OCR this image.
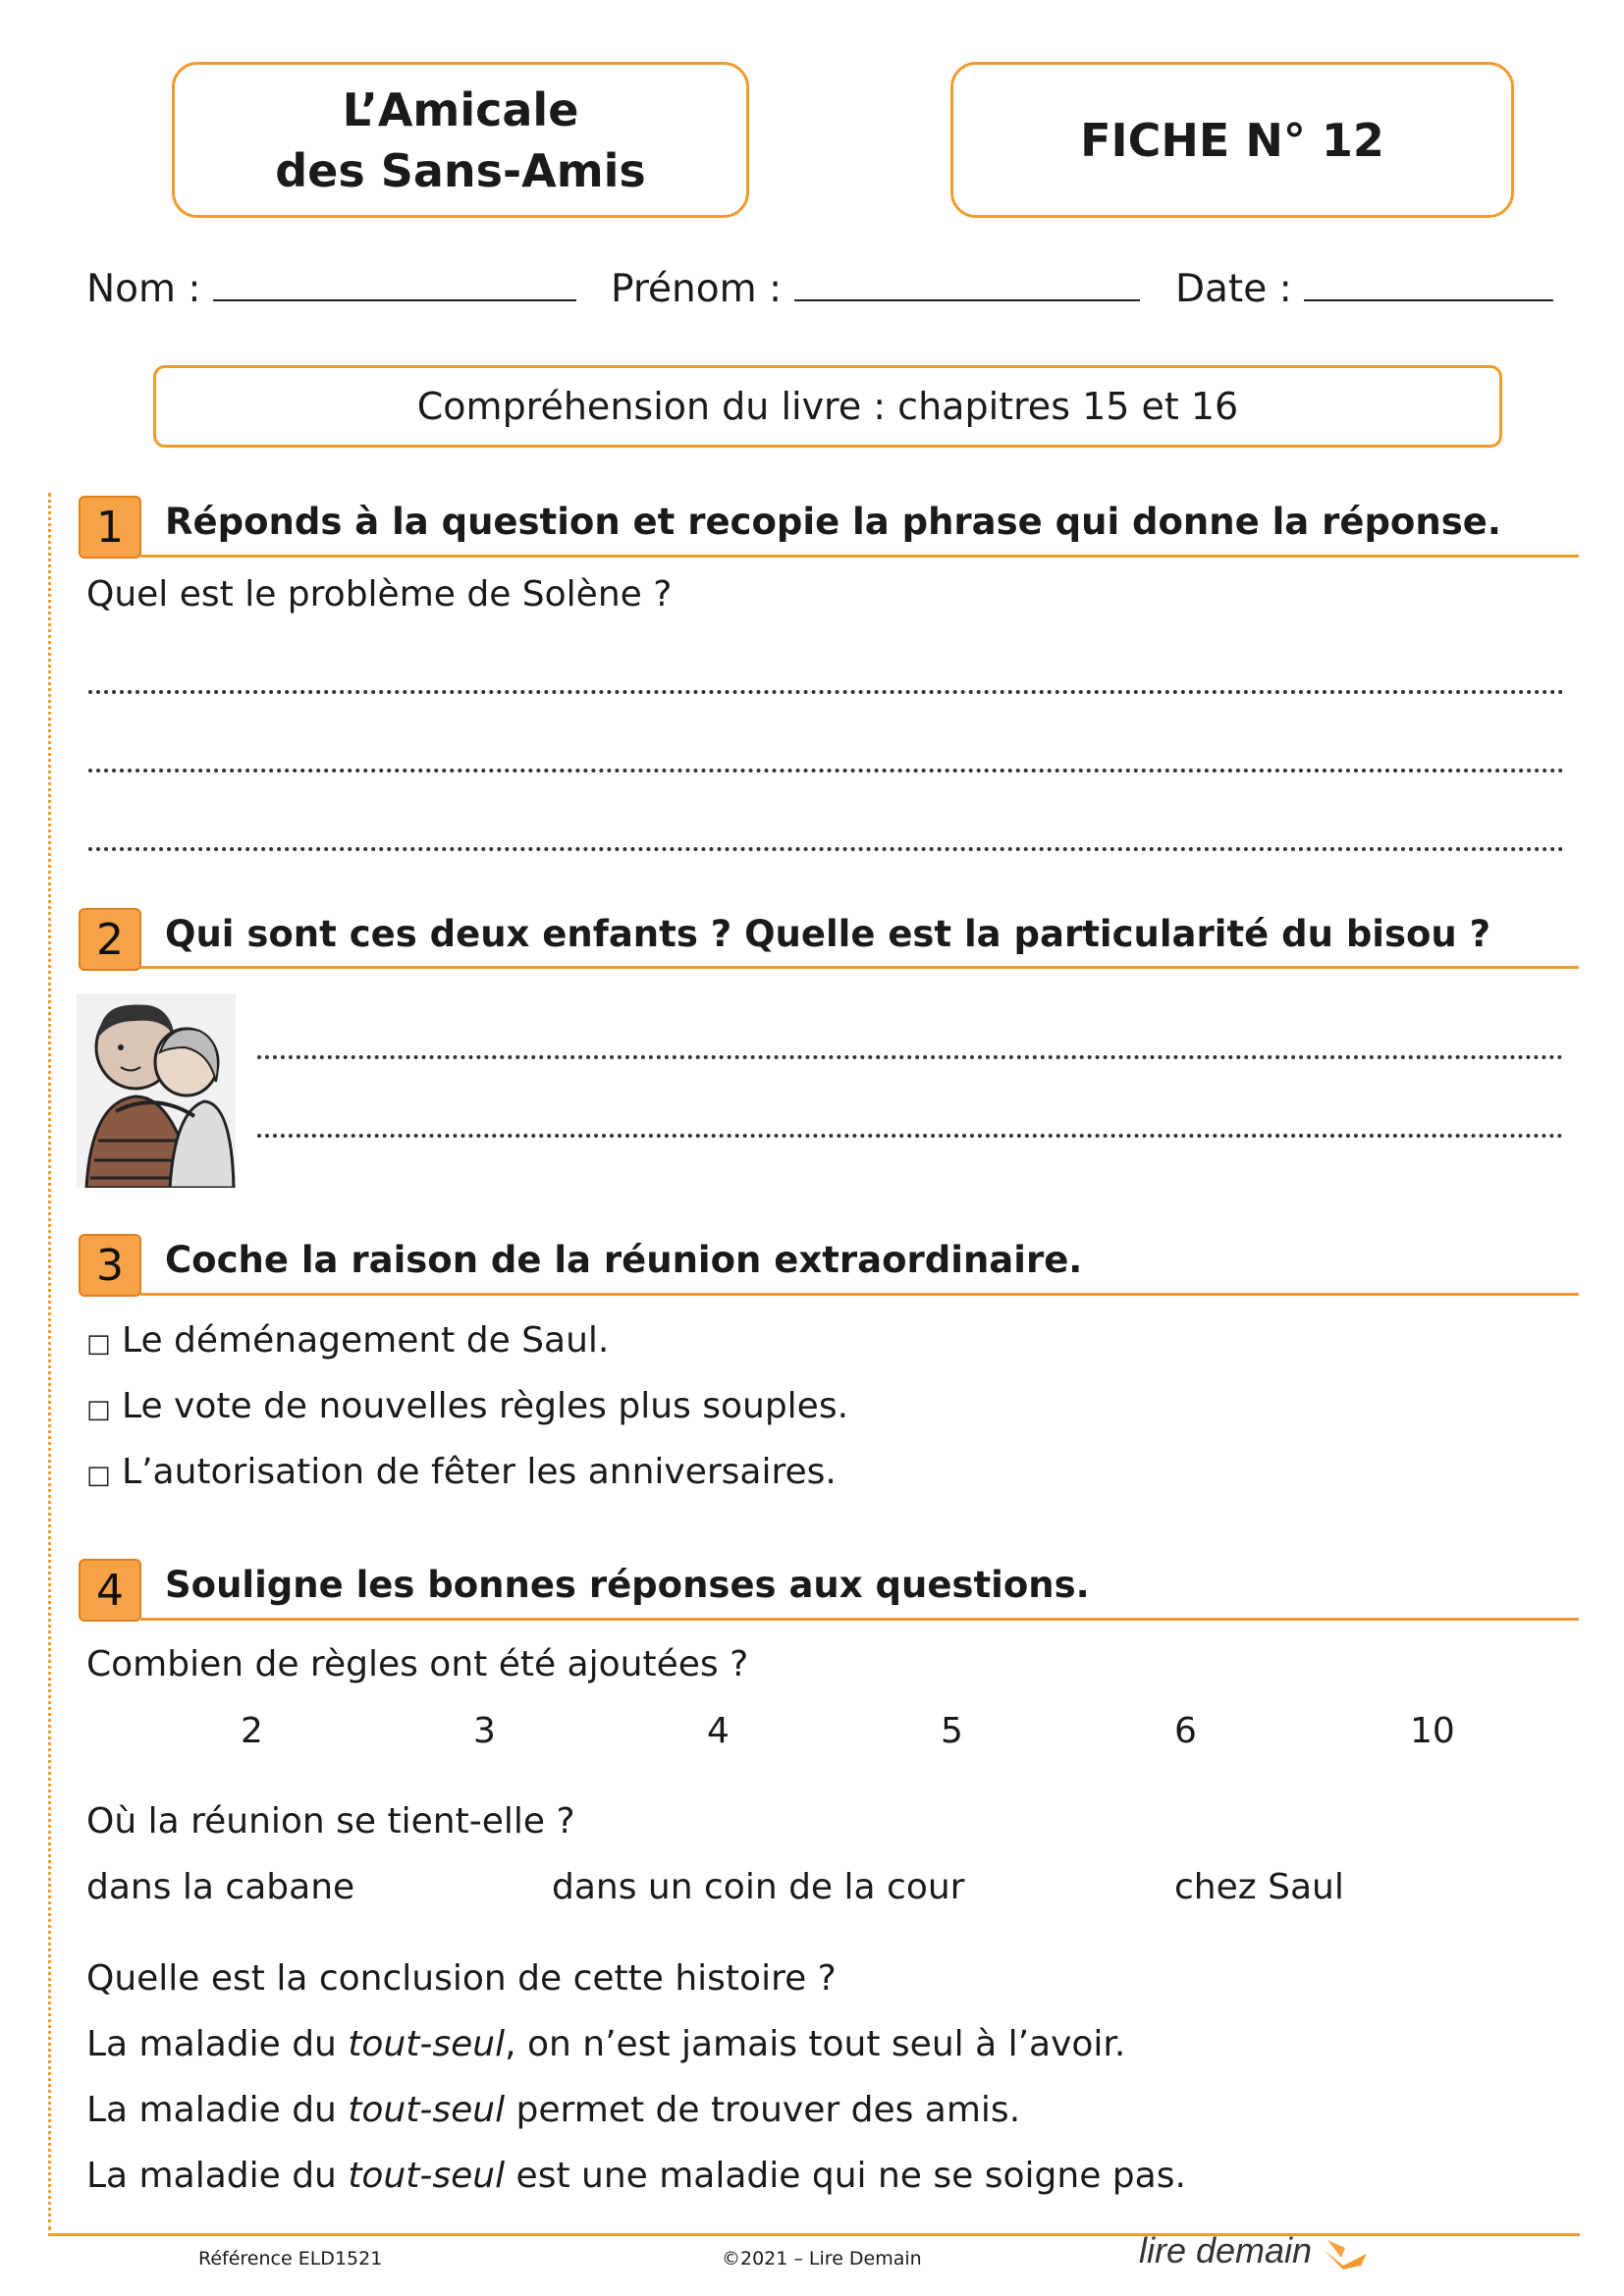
L’Amicale
des Sans-Amis
FICHE N° 12
Nom :	Prénom :	Date :
Compréhension du livre : chapitres 15 et 16
1	Réponds à la question et recopie la phrase qui donne la réponse.
Quel est le problème de Solène ?
2	Qui sont ces deux enfants ? Quelle est la particularité du bisou ?
3	Coche la raison de la réunion extraordinaire.
□ Le déménagement de Saul.
□ Le vote de nouvelles règles plus souples.
□ L’autorisation de fêter les anniversaires.
4	Souligne les bonnes réponses aux questions.
Combien de règles ont été ajoutées ?
2	3	4	5	6	10
Où la réunion se tient-elle ?
dans la cabane	dans un coin de la cour	chez Saul
Quelle est la conclusion de cette histoire ?
La maladie du tout-seul, on n’est jamais tout seul à l’avoir.
La maladie du tout-seul permet de trouver des amis.
La maladie du tout-seul est une maladie qui ne se soigne pas.
Référence ELD1521	©2021 – Lire Demain	lire demain
